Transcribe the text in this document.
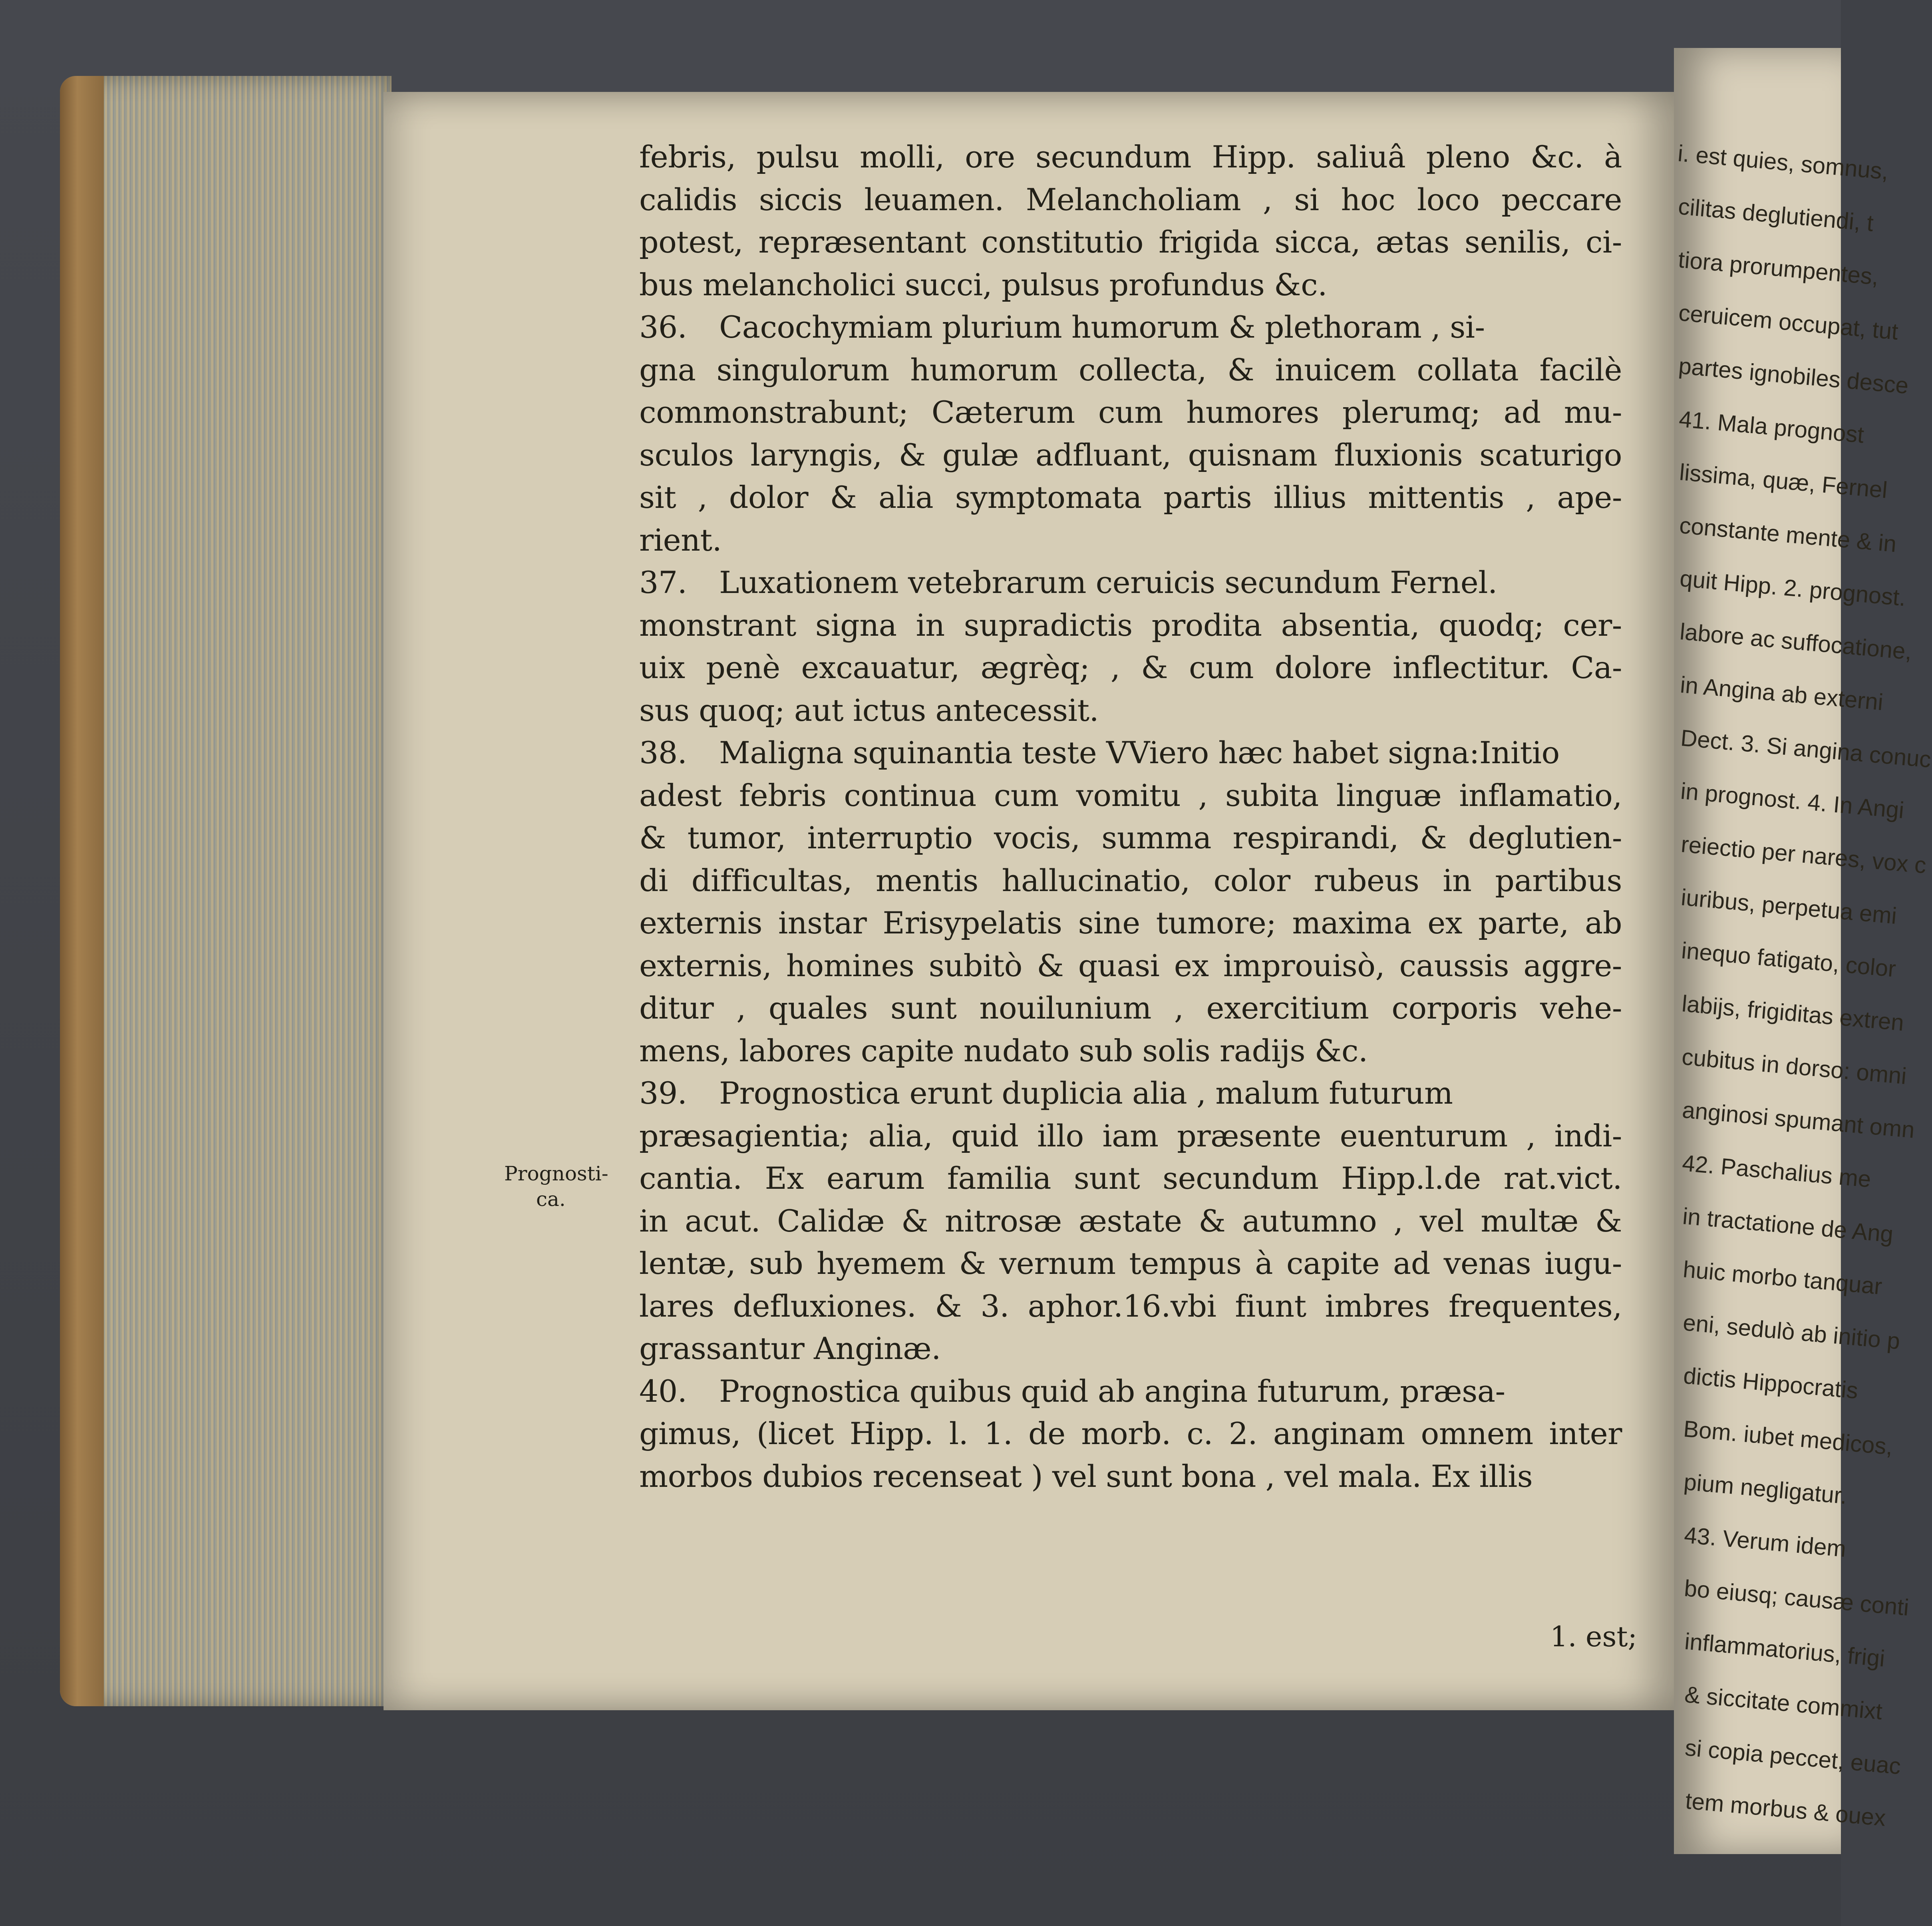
febris, pulsu molli, ore secundum Hipp. saliuâ pleno &c. à
calidis siccis leuamen. Melancholiam , si hoc loco peccare
potest, repræsentant constitutio frigida sicca, ætas senilis, ci-
bus melancholici succi, pulsus profundus &c.
36. Cacochymiam plurium humorum & plethoram , si-
gna singulorum humorum collecta, & inuicem collata facilè
commonstrabunt; Cæterum cum humores plerumq; ad mu-
sculos laryngis, & gulæ adfluant, quisnam fluxionis scaturigo
sit , dolor & alia symptomata partis illius mittentis , ape-
rient.
37. Luxationem vetebrarum ceruicis secundum Fernel.
monstrant signa in supradictis prodita absentia, quodq; cer-
uix penè excauatur, ægrèq; , & cum dolore inflectitur. Ca-
sus quoq; aut ictus antecessit.
38. Maligna squinantia teste VViero hæc habet signa:Initio
adest febris continua cum vomitu , subita linguæ inflamatio,
& tumor, interruptio vocis, summa respirandi, & deglutien-
di difficultas, mentis hallucinatio, color rubeus in partibus
externis instar Erisypelatis sine tumore; maxima ex parte, ab
externis, homines subitò & quasi ex improuisò, caussis aggre-
ditur , quales sunt nouilunium , exercitium corporis vehe-
mens, labores capite nudato sub solis radijs &c.
39. Prognostica erunt duplicia alia , malum futurum
præsagientia; alia, quid illo iam præsente euenturum , indi-
cantia. Ex earum familia sunt secundum Hipp.l.de rat.vict.
in acut. Calidæ & nitrosæ æstate & autumno , vel multæ &
lentæ, sub hyemem & vernum tempus à capite ad venas iugu-
lares defluxiones. & 3. aphor.16.vbi fiunt imbres frequentes,
grassantur Anginæ.
40. Prognostica quibus quid ab angina futurum, præsa-
gimus, (licet Hipp. l. 1. de morb. c. 2. anginam omnem inter
morbos dubios recenseat ) vel sunt bona , vel mala. Ex illis
Prognosti-
ca.
1. est;
i. est quies, somnus,
cilitas deglutiendi, t
tiora prorumpentes,
ceruicem occupat, tut
partes ignobiles desce
41. Mala prognost
lissima, quæ, Fernel
constante mente & in
quit Hipp. 2. prognost.
labore ac suffocatione,
in Angina ab externi
Dect. 3. Si angina conuc
in prognost. 4. In Angi
reiectio per nares, vox c
iuribus, perpetua emi
inequo fatigato, color
labijs, frigiditas extren
cubitus in dorso: omni
anginosi spumant omn
42. Paschalius me
in tractatione de Ang
huic morbo tanquar
eni, sedulò ab initio p
dictis Hippocratis
Bom. iubet medicos,
pium negligatur.
43. Verum idem
bo eiusq; causæ conti
inflammatorius, frigi
& siccitate commixt
si copia peccet, euac
tem morbus & ouex
